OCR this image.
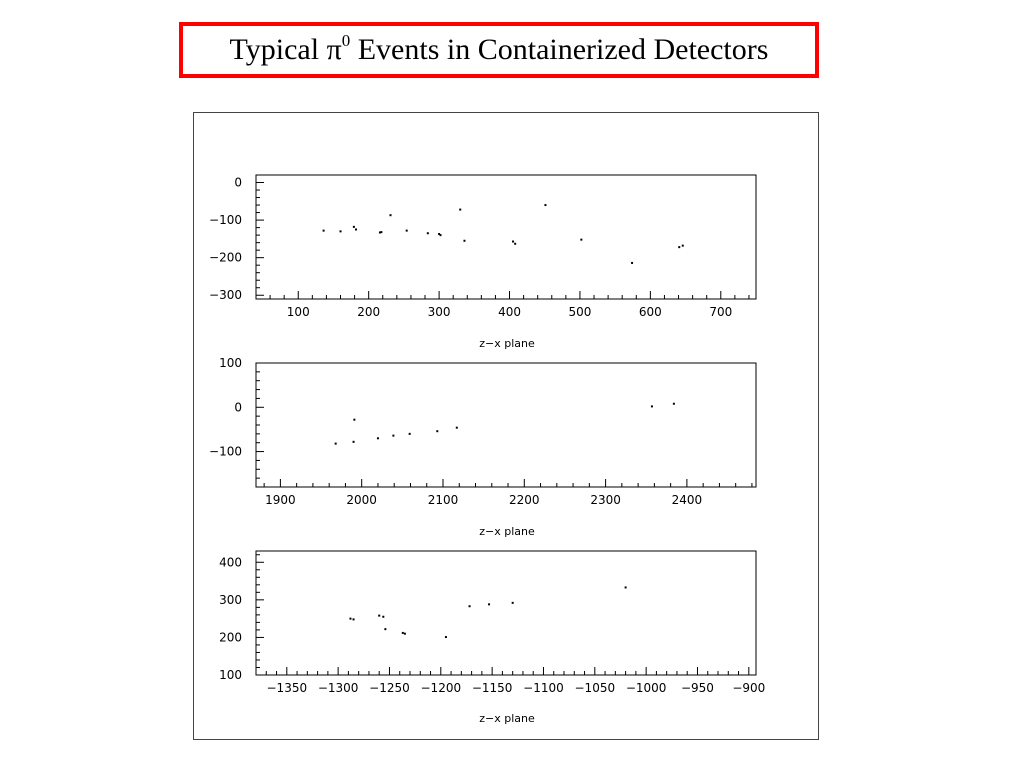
Typical $\pi^0$ Events in Containerized Detectors
100	200	300	400	500	600	700
0
−100
−200
−300
z−x plane
1900	2000	2100	2200	2300	2400
100
0
−100
z−x plane
−1350 −1300 −1250 −1200 −1150 −1100 −1050 −1000 −950 −900
400
300
200
100
z−x plane
